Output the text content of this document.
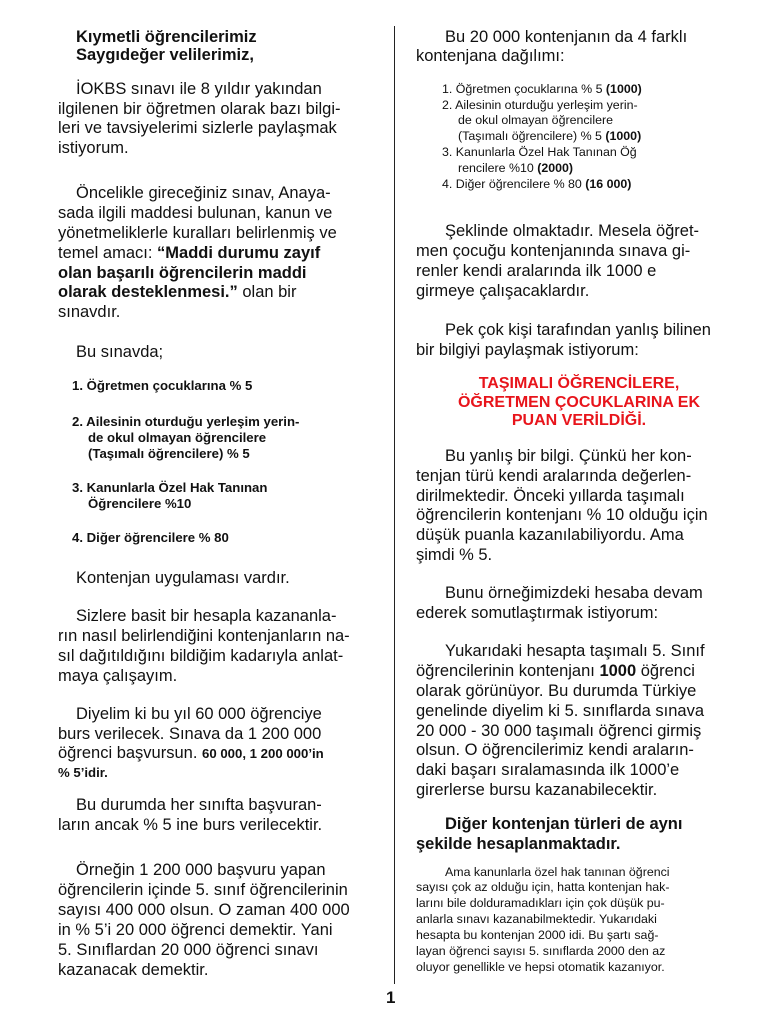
Kıymetli öğrencilerimiz

Saygıdeğer velilerimiz,

İOKBS sınavı ile 8 yıldır yakından

ilgilenen bir öğretmen olarak bazı bilgi-

leri ve tavsiyelerimi sizlerle paylaşmak

istiyorum.

Öncelikle gireceğiniz sınav, Anaya-

sada ilgili maddesi bulunan, kanun ve

yönetmeliklerle kuralları belirlenmiş ve

temel amacı: “Maddi durumu zayıf

olan başarılı öğrencilerin maddi

olarak desteklenmesi.” olan bir

sınavdır.

Bu sınavda;

1. Öğretmen çocuklarına % 5

2. Ailesinin oturduğu yerleşim yerin-

de okul olmayan öğrencilere

(Taşımalı öğrencilere) % 5

3. Kanunlarla Özel Hak Tanınan

Öğrencilere %10

4. Diğer öğrencilere % 80

Kontenjan uygulaması vardır.

Sizlere basit bir hesapla kazananla-

rın nasıl belirlendiğini kontenjanların na-

sıl dağıtıldığını bildiğim kadarıyla anlat-

maya çalışayım.

Diyelim ki bu yıl 60 000 öğrenciye

burs verilecek. Sınava da 1 200 000

öğrenci başvursun. 60 000, 1 200 000’in

% 5’idir.

Bu durumda her sınıfta başvuran-

ların ancak % 5 ine burs verilecektir.

Örneğin 1 200 000 başvuru yapan

öğrencilerin içinde 5. sınıf öğrencilerinin

sayısı 400 000 olsun. O zaman 400 000

in % 5’i 20 000 öğrenci demektir. Yani

5. Sınıflardan 20 000 öğrenci sınavı

kazanacak demektir.

Bu 20 000 kontenjanın da 4 farklı

kontenjana dağılımı:

1. Öğretmen çocuklarına % 5 (1000)

2. Ailesinin oturduğu yerleşim yerin-

de okul olmayan öğrencilere

(Taşımalı öğrencilere) % 5 (1000)

3. Kanunlarla Özel Hak Tanınan Öğ

rencilere %10 (2000)

4. Diğer öğrencilere % 80 (16 000)

Şeklinde olmaktadır. Mesela öğret-

men çocuğu kontenjanında sınava gi-

renler kendi aralarında ilk 1000 e

girmeye çalışacaklardır.

Pek çok kişi tarafından yanlış bilinen

bir bilgiyi paylaşmak istiyorum:

TAŞIMALI ÖĞRENCİLERE,

ÖĞRETMEN ÇOCUKLARINA EK

PUAN VERİLDİĞİ.

Bu yanlış bir bilgi. Çünkü her kon-

tenjan türü kendi aralarında değerlen-

dirilmektedir. Önceki yıllarda taşımalı

öğrencilerin kontenjanı % 10 olduğu için

düşük puanla kazanılabiliyordu. Ama

şimdi % 5.

Bunu örneğimizdeki hesaba devam

ederek somutlaştırmak istiyorum:

Yukarıdaki hesapta taşımalı 5. Sınıf

öğrencilerinin kontenjanı 1000 öğrenci

olarak görünüyor. Bu durumda Türkiye

genelinde diyelim ki 5. sınıflarda sınava

20 000 - 30 000 taşımalı öğrenci girmiş

olsun. O öğrencilerimiz kendi araların-

daki başarı sıralamasında ilk 1000’e

girerlerse bursu kazanabilecektir.

Diğer kontenjan türleri de aynı

şekilde hesaplanmaktadır.

Ama kanunlarla özel hak tanınan öğrenci

sayısı çok az olduğu için, hatta kontenjan hak-

larını bile dolduramadıkları için çok düşük pu-

anlarla sınavı kazanabilmektedir. Yukarıdaki

hesapta bu kontenjan 2000 idi. Bu şartı sağ-

layan öğrenci sayısı 5. sınıflarda 2000 den az

oluyor genellikle ve hepsi otomatik kazanıyor.

1
